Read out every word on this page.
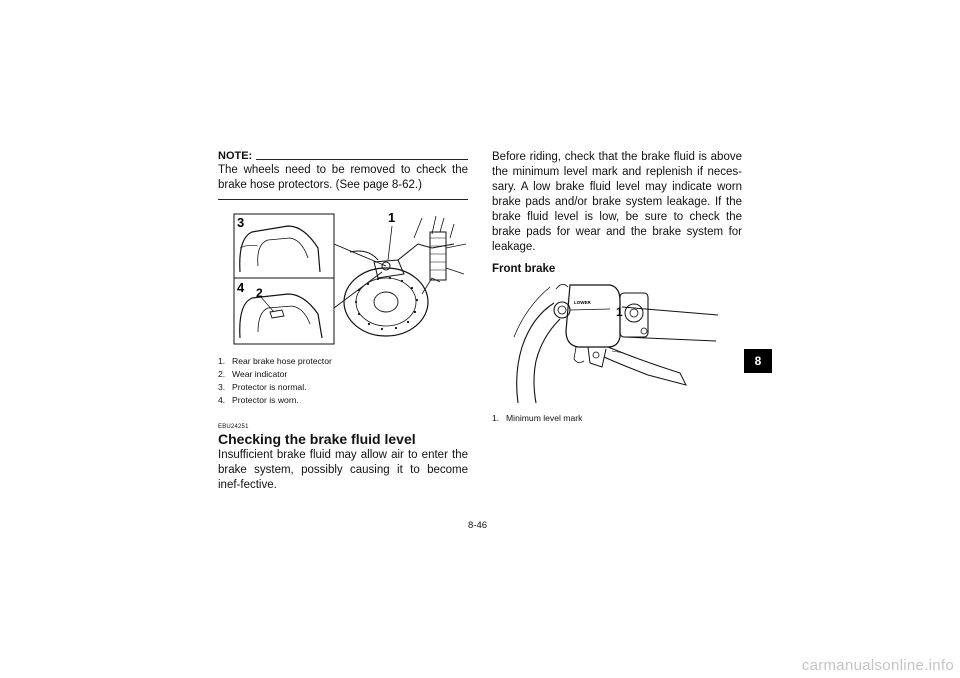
NOTE:
The wheels need to be removed to check the brake hose protectors. (See page 8-62.)
3
4 2
1
1. Rear brake hose protector
2. Wear indicator
3. Protector is normal.
4. Protector is worn.
EBU24251
Checking the brake fluid level
Insufficient brake fluid may allow air to enter the brake system, possibly causing it to become inef-fective.
Before riding, check that the brake fluid is above the minimum level mark and replenish if neces-sary. A low brake fluid level may indicate worn brake pads and/or brake system leakage. If the brake fluid level is low, be sure to check the brake pads for wear and the brake system for leakage.
Front brake
LOWER
1
1. Minimum level mark
8
8-46
carmanualsonline.info
